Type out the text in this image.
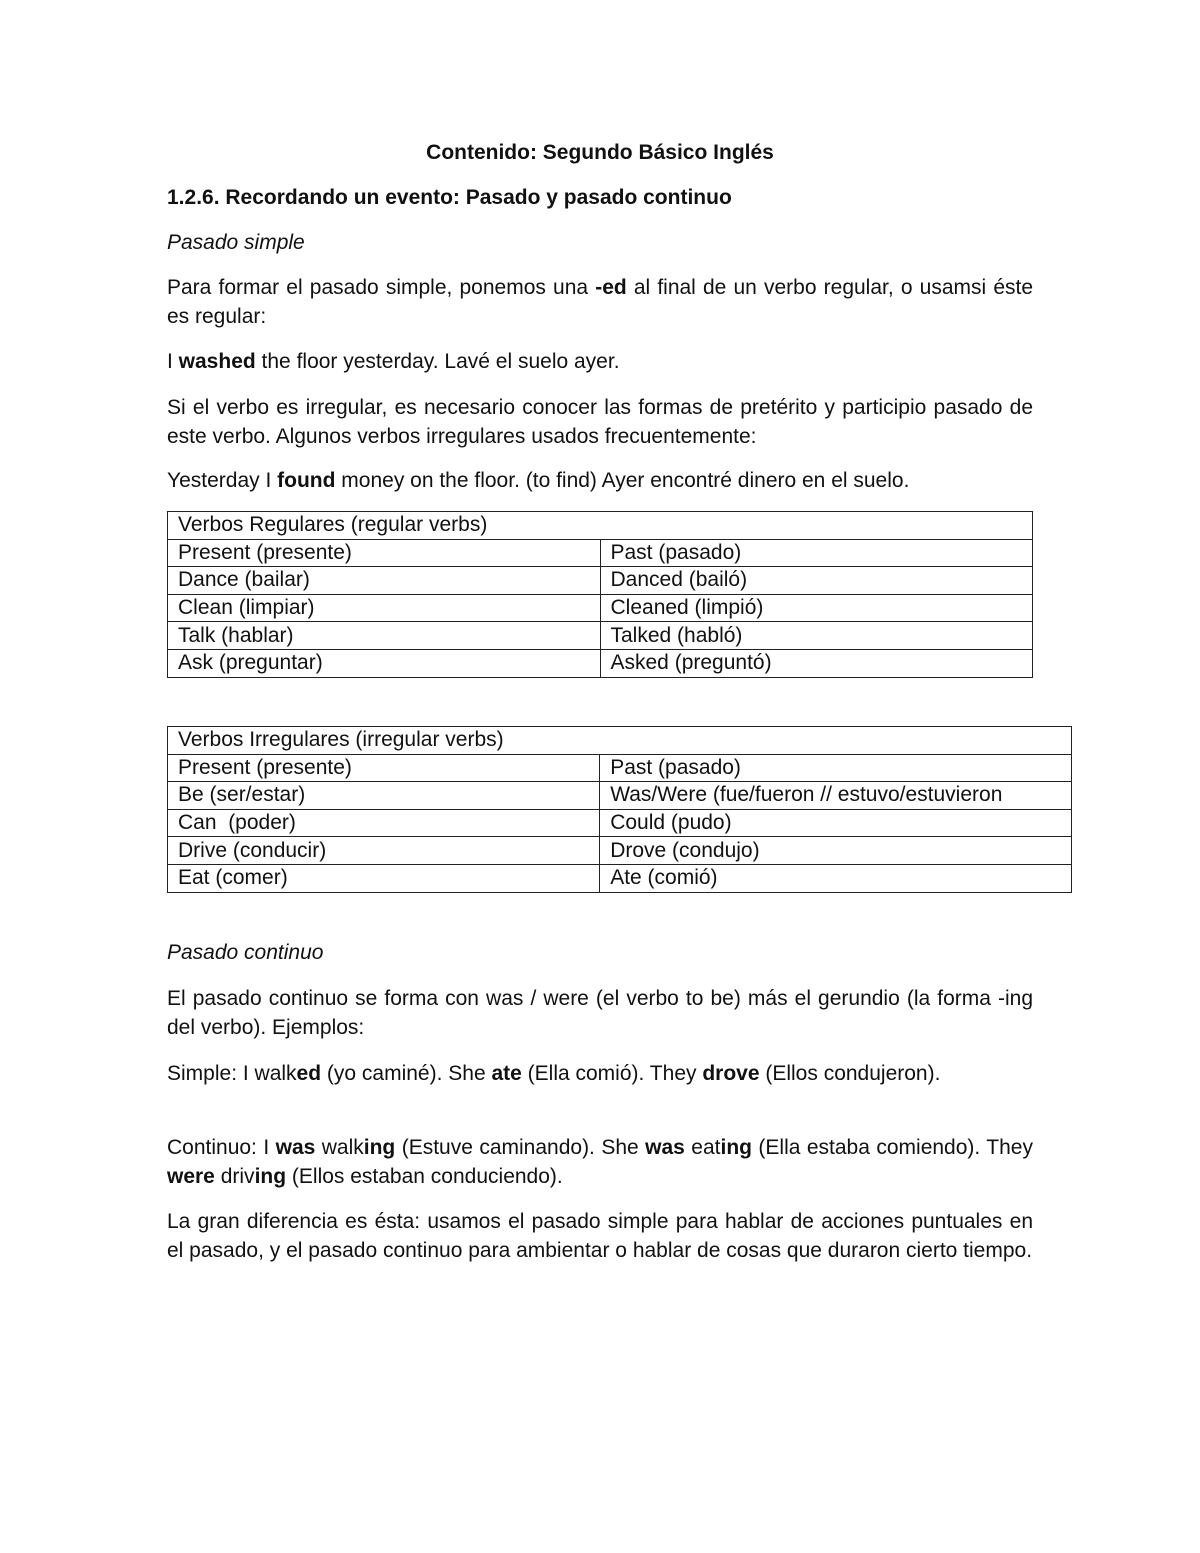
Contenido: Segundo Básico Inglés

1.2.6. Recordando un evento: Pasado y pasado continuo

Pasado simple

Para formar el pasado simple, ponemos una -ed al final de un verbo regular, o usamsi éste es regular:

I washed the floor yesterday. Lavé el suelo ayer.

Si el verbo es irregular, es necesario conocer las formas de pretérito y participio pasado de este verbo. Algunos verbos irregulares usados frecuentemente:

Yesterday I found money on the floor. (to find) Ayer encontré dinero en el suelo.

Verbos Regulares (regular verbs)	
Present (presente)	Past (pasado)
Dance (bailar)	Danced (bailó)
Clean (limpiar)	Cleaned (limpió)
Talk (hablar)	Talked (habló)
Ask (preguntar)	Asked (preguntó)
Verbos Irregulares (irregular verbs)	
Present (presente)	Past (pasado)
Be (ser/estar)	Was/Were (fue/fueron // estuvo/estuvieron
Can  (poder)	Could (pudo)
Drive (conducir)	Drove (condujo)
Eat (comer)	Ate (comió)

Pasado continuo

El pasado continuo se forma con was / were (el verbo to be) más el gerundio (la forma -ing del verbo). Ejemplos:

Simple: I walked (yo caminé). She ate (Ella comió). They drove (Ellos condujeron).

Continuo: I was walking (Estuve caminando). She was eating (Ella estaba comiendo). They were driving (Ellos estaban conduciendo).

La gran diferencia es ésta: usamos el pasado simple para hablar de acciones puntuales en el pasado, y el pasado continuo para ambientar o hablar de cosas que duraron cierto tiempo.
